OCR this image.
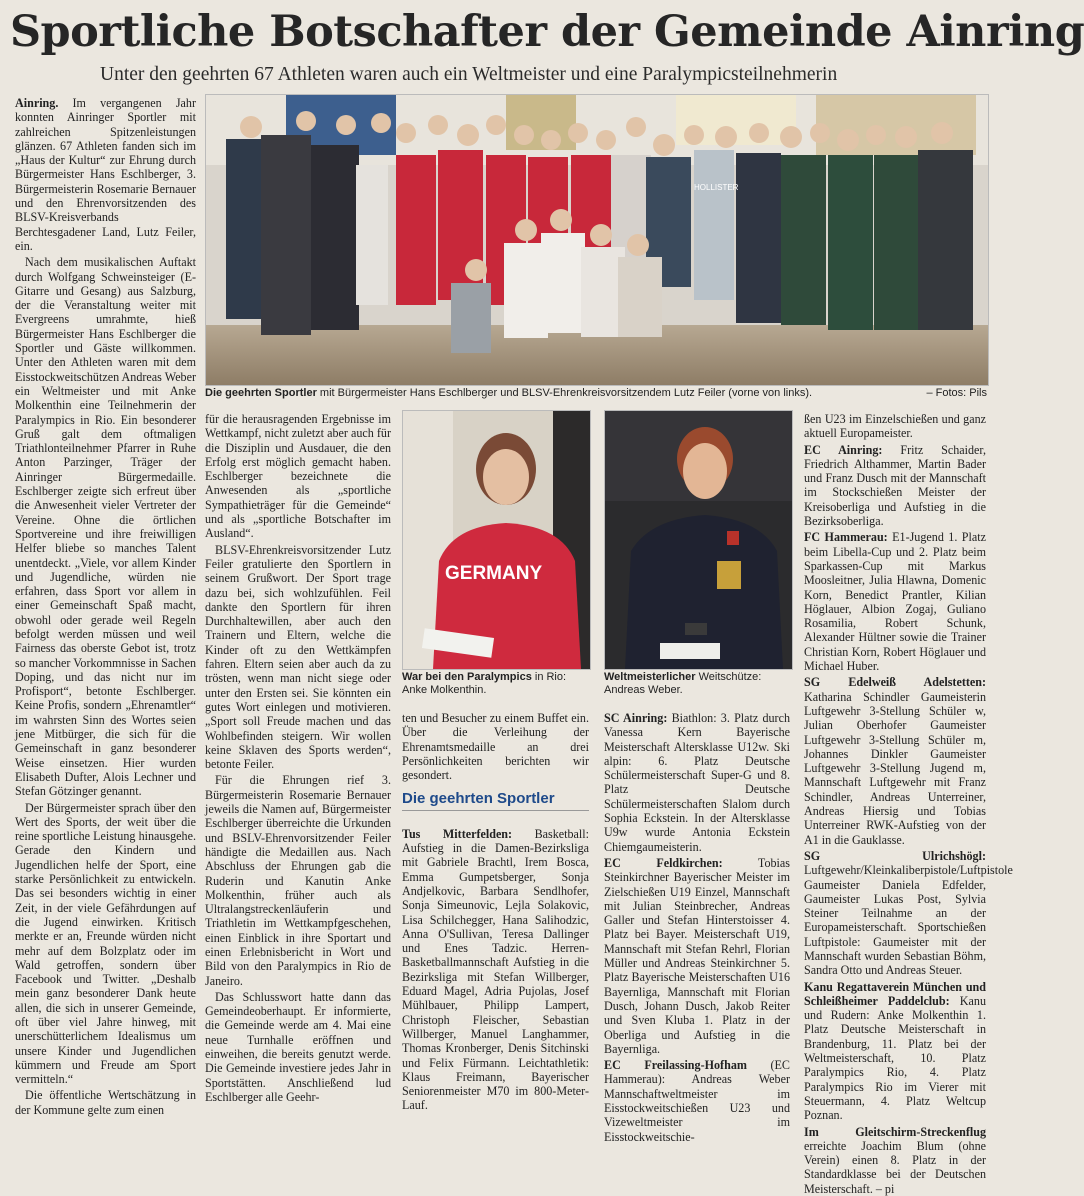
Sportliche Botschafter der Gemeinde Ainring
Unter den geehrten 67 Athleten waren auch ein Weltmeister und eine Paralympicsteilnehmerin
HOLLISTER
Die geehrten Sportler mit Bürgermeister Hans Eschlberger und BLSV-Ehrenkreisvorsitzendem Lutz Feiler (vorne von links).	– Fotos: Pils
GERMANY
War bei den Paralympics in Rio: Anke Molkenthin.
Weltmeisterlicher Weitschütze: Andreas Weber.

Ainring. Im vergangenen Jahr konnten Ainringer Sportler mit zahlreichen Spitzenleistungen glänzen. 67 Athleten fanden sich im „Haus der Kultur“ zur Ehrung durch Bürgermeister Hans Eschlberger, 3. Bürgermeisterin Rosemarie Bernauer und den Ehrenvorsitzenden des BLSV-Kreisverbands Berchtesgadener Land, Lutz Feiler, ein.

Nach dem musikalischen Auftakt durch Wolfgang Schweinsteiger (E-Gitarre und Gesang) aus Salzburg, der die Veranstaltung weiter mit Evergreens umrahmte, hieß Bürgermeister Hans Eschlberger die Sportler und Gäste willkommen. Unter den Athleten waren mit dem Eisstockweitschützen Andreas Weber ein Weltmeister und mit Anke Molkenthin eine Teilnehmerin der Paralympics in Rio. Ein besonderer Gruß galt dem oftmaligen Triathlonteilnehmer Pfarrer in Ruhe Anton Parzinger, Träger der Ainringer Bürgermedaille. Eschlberger zeigte sich erfreut über die Anwesenheit vieler Vertreter der Vereine. Ohne die örtlichen Sportvereine und ihre freiwilligen Helfer bliebe so manches Talent unentdeckt. „Viele, vor allem Kinder und Jugendliche, würden nie erfahren, dass Sport vor allem in einer Gemeinschaft Spaß macht, obwohl oder gerade weil Regeln befolgt werden müssen und weil Fairness das oberste Gebot ist, trotz so mancher Vorkommnisse in Sachen Doping, und das nicht nur im Profisport“, betonte Eschlberger. Keine Profis, sondern „Ehrenamtler“ im wahrsten Sinn des Wortes seien jene Mitbürger, die sich für die Gemeinschaft in ganz besonderer Weise einsetzen. Hier wurden Elisabeth Dufter, Alois Lechner und Stefan Götzinger genannt.

Der Bürgermeister sprach über den Wert des Sports, der weit über die reine sportliche Leistung hinausgehe. Gerade den Kindern und Jugendlichen helfe der Sport, eine starke Persönlichkeit zu entwickeln. Das sei besonders wichtig in einer Zeit, in der viele Gefährdungen auf die Jugend einwirken. Kritisch merkte er an, Freunde würden nicht mehr auf dem Bolzplatz oder im Wald getroffen, sondern über Facebook und Twitter. „Deshalb mein ganz besonderer Dank heute allen, die sich in unserer Gemeinde, oft über viel Jahre hinweg, mit unerschütterlichem Idealismus um unsere Kinder und Jugendlichen kümmern und Freude am Sport vermitteln.“

Die öffentliche Wertschätzung in der Kommune gelte zum einen

für die herausragenden Ergebnisse im Wettkampf, nicht zuletzt aber auch für die Disziplin und Ausdauer, die den Erfolg erst möglich gemacht haben. Eschlberger bezeichnete die Anwesenden als „sportliche Sympathieträger für die Gemeinde“ und als „sportliche Botschafter im Ausland“.

BLSV-Ehrenkreisvorsitzender Lutz Feiler gratulierte den Sportlern in seinem Grußwort. Der Sport trage dazu bei, sich wohlzufühlen. Feil dankte den Sportlern für ihren Durchhaltewillen, aber auch den Trainern und Eltern, welche die Kinder oft zu den Wettkämpfen fahren. Eltern seien aber auch da zu trösten, wenn man nicht siege oder unter den Ersten sei. Sie könnten ein gutes Wort einlegen und motivieren. „Sport soll Freude machen und das Wohlbefinden steigern. Wir wollen keine Sklaven des Sports werden“, betonte Feiler.

Für die Ehrungen rief 3. Bürgermeisterin Rosemarie Bernauer jeweils die Namen auf, Bürgermeister Eschlberger überreichte die Urkunden und BSLV-Ehrenvorsitzender Feiler händigte die Medaillen aus. Nach Abschluss der Ehrungen gab die Ruderin und Kanutin Anke Molkenthin, früher auch als Ultralangstreckenläuferin und Triathletin im Wettkampfgeschehen, einen Einblick in ihre Sportart und einen Erlebnisbericht in Wort und Bild von den Paralympics in Rio de Janeiro.

Das Schlusswort hatte dann das Gemeindeoberhaupt. Er informierte, die Gemeinde werde am 4. Mai eine neue Turnhalle eröffnen und einweihen, die bereits genutzt werde. Die Gemeinde investiere jedes Jahr in Sportstätten. Anschließend lud Eschlberger alle Geehr-

ten und Besucher zu einem Buffet ein. Über die Verleihung der Ehrenamtsmedaille an drei Persönlichkeiten berichten wir gesondert.

Die geehrten Sportler

Tus Mitterfelden: Basketball: Aufstieg in die Damen-Bezirksliga mit Gabriele Brachtl, Irem Bosca, Emma Gumpetsberger, Sonja Andjelkovic, Barbara Sendlhofer, Sonja Simeunovic, Lejla Solakovic, Lisa Schilchegger, Hana Salihodzic, Anna O'Sullivan, Teresa Dallinger und Enes Tadzic. Herren-Basketballmannschaft Aufstieg in die Bezirksliga mit Stefan Willberger, Eduard Magel, Adria Pujolas, Josef Mühlbauer, Philipp Lampert, Christoph Fleischer, Sebastian Willberger, Manuel Langhammer, Thomas Kronberger, Denis Sitchinski und Felix Fürmann. Leichtathletik: Klaus Freimann, Bayerischer Seniorenmeister M70 im 800-Meter-Lauf.

SC Ainring: Biathlon: 3. Platz durch Vanessa Kern Bayerische Meisterschaft Altersklasse U12w. Ski alpin: 6. Platz Deutsche Schülermeisterschaft Super-G und 8. Platz Deutsche Schülermeisterschaften Slalom durch Sophia Eckstein. In der Altersklasse U9w wurde Antonia Eckstein Chiemgaumeisterin.

EC Feldkirchen: Tobias Steinkirchner Bayerischer Meister im Zielschießen U19 Einzel, Mannschaft mit Julian Steinbrecher, Andreas Galler und Stefan Hinterstoisser 4. Platz bei Bayer. Meisterschaft U19, Mannschaft mit Stefan Rehrl, Florian Müller und Andreas Steinkirchner 5. Platz Bayerische Meisterschaften U16 Bayernliga, Mannschaft mit Florian Dusch, Johann Dusch, Jakob Reiter und Sven Kluba 1. Platz in der Oberliga und Aufstieg in die Bayernliga.

EC Freilassing-Hofham (EC Hammerau): Andreas Weber Mannschaftweltmeister im Eisstockweitschießen U23 und Vizeweltmeister im Eisstockweitschie-

ßen U23 im Einzelschießen und ganz aktuell Europameister.

EC Ainring: Fritz Schaider, Friedrich Althammer, Martin Bader und Franz Dusch mit der Mannschaft im Stockschießen Meister der Kreisoberliga und Aufstieg in die Bezirksoberliga.

FC Hammerau: E1-Jugend 1. Platz beim Libella-Cup und 2. Platz beim Sparkassen-Cup mit Markus Moosleitner, Julia Hlawna, Domenic Korn, Benedict Prantler, Kilian Höglauer, Albion Zogaj, Guliano Rosamilia, Robert Schunk, Alexander Hültner sowie die Trainer Christian Korn, Robert Höglauer und Michael Huber.

SG Edelweiß Adelstetten: Katharina Schindler Gaumeisterin Luftgewehr 3-Stellung Schüler w, Julian Oberhofer Gaumeister Luftgewehr 3-Stellung Schüler m, Johannes Dinkler Gaumeister Luftgewehr 3-Stellung Jugend m, Mannschaft Luftgewehr mit Franz Schindler, Andreas Unterreiner, Andreas Hiersig und Tobias Unterreiner RWK-Aufstieg von der A1 in die Gauklasse.

SG Ulrichshögl: Luftgewehr/Kleinkaliberpistole/Luftpistole Gaumeister Daniela Edfelder, Gaumeister Lukas Post, Sylvia Steiner Teilnahme an der Europameisterschaft. Sportschießen Luftpistole: Gaumeister mit der Mannschaft wurden Sebastian Böhm, Sandra Otto und Andreas Steuer.

Kanu Regattaverein München und Schleißheimer Paddelclub: Kanu und Rudern: Anke Molkenthin 1. Platz Deutsche Meisterschaft in Brandenburg, 11. Platz bei der Weltmeisterschaft, 10. Platz Paralympics Rio, 4. Platz Paralympics Rio im Vierer mit Steuermann, 4. Platz Weltcup Poznan.

Im Gleitschirm-Streckenflug erreichte Joachim Blum (ohne Verein) einen 8. Platz in der Standardklasse bei der Deutschen Meisterschaft. – pi
